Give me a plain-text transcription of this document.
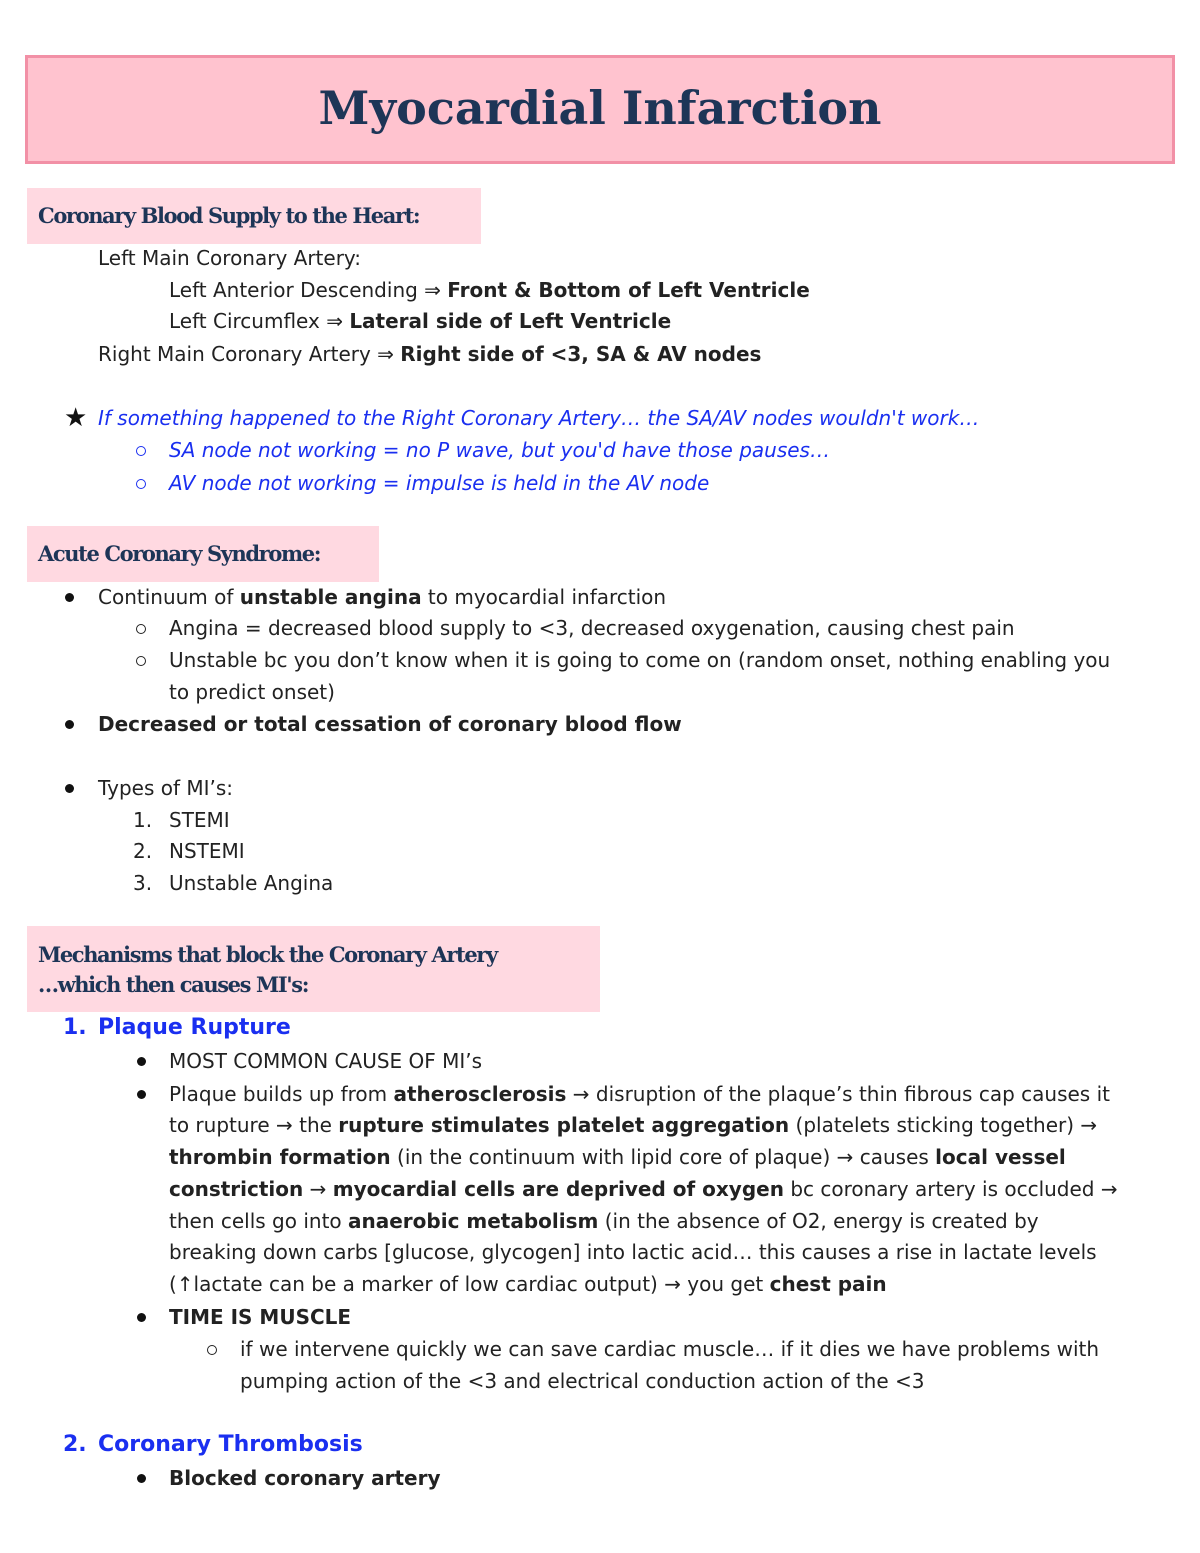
Myocardial Infarction
Coronary Blood Supply to the Heart:
Left Main Coronary Artery:
Left Anterior Descending ⇒ Front & Bottom of Left Ventricle
Left Circumflex ⇒ Lateral side of Left Ventricle
Right Main Coronary Artery ⇒ Right side of <3, SA & AV nodes
★ If something happened to the Right Coronary Artery… the SA/AV nodes wouldn't work…
SA node not working = no P wave, but you'd have those pauses…
AV node not working = impulse is held in the AV node
Acute Coronary Syndrome:
Continuum of unstable angina to myocardial infarction
Angina = decreased blood supply to <3, decreased oxygenation, causing chest pain
Unstable bc you don’t know when it is going to come on (random onset, nothing enabling you
to predict onset)
Decreased or total cessation of coronary blood flow
Types of MI’s:
1. STEMI
2. NSTEMI
3. Unstable Angina
Mechanisms that block the Coronary Artery
…which then causes MI's:
1. Plaque Rupture
MOST COMMON CAUSE OF MI’s
Plaque builds up from atherosclerosis → disruption of the plaque’s thin fibrous cap causes it
to rupture → the rupture stimulates platelet aggregation (platelets sticking together) →
thrombin formation (in the continuum with lipid core of plaque) → causes local vessel
constriction → myocardial cells are deprived of oxygen bc coronary artery is occluded →
then cells go into anaerobic metabolism (in the absence of O2, energy is created by
breaking down carbs [glucose, glycogen] into lactic acid… this causes a rise in lactate levels
(↑lactate can be a marker of low cardiac output) → you get chest pain
TIME IS MUSCLE
if we intervene quickly we can save cardiac muscle… if it dies we have problems with
pumping action of the <3 and electrical conduction action of the <3
2. Coronary Thrombosis
Blocked coronary artery
